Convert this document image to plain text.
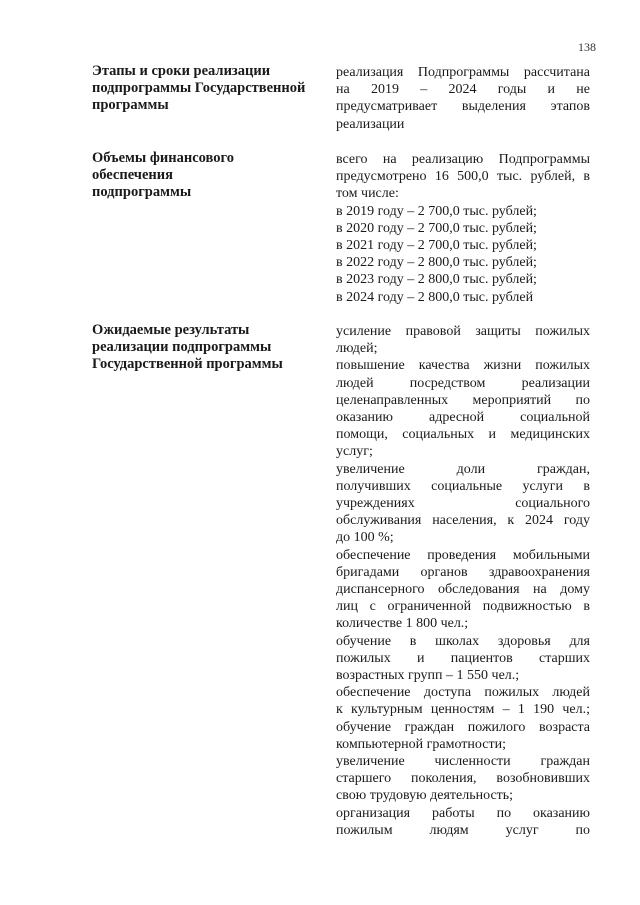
138
Этапы и сроки реализации
подпрограммы Государственной
программы
реализация Подпрограммы рассчитана
на 2019 – 2024 годы и не
предусматривает выделения этапов
реализации
Объемы финансового
обеспечения
подпрограммы
всего на реализацию Подпрограммы
предусмотрено 16 500,0 тыс. рублей, в
том числе:
в 2019 году – 2 700,0 тыс. рублей;
в 2020 году – 2 700,0 тыс. рублей;
в 2021 году – 2 700,0 тыс. рублей;
в 2022 году – 2 800,0 тыс. рублей;
в 2023 году – 2 800,0 тыс. рублей;
в 2024 году – 2 800,0 тыс. рублей
Ожидаемые результаты
реализации подпрограммы
Государственной программы
усиление правовой защиты пожилых
людей;
повышение качества жизни пожилых
людей посредством реализации
целенаправленных мероприятий по
оказанию адресной социальной
помощи, социальных и медицинских
услуг;
увеличение доли граждан,
получивших социальные услуги в
учреждениях социального
обслуживания населения, к 2024 году
до 100 %;
обеспечение проведения мобильными
бригадами органов здравоохранения
диспансерного обследования на дому
лиц с ограниченной подвижностью в
количестве 1 800 чел.;
обучение в школах здоровья для
пожилых и пациентов старших
возрастных групп – 1 550 чел.;
обеспечение доступа пожилых людей
к культурным ценностям – 1 190 чел.;
обучение граждан пожилого возраста
компьютерной грамотности;
увеличение численности граждан
старшего поколения, возобновивших
свою трудовую деятельность;
организация работы по оказанию
пожилым людям услуг по
